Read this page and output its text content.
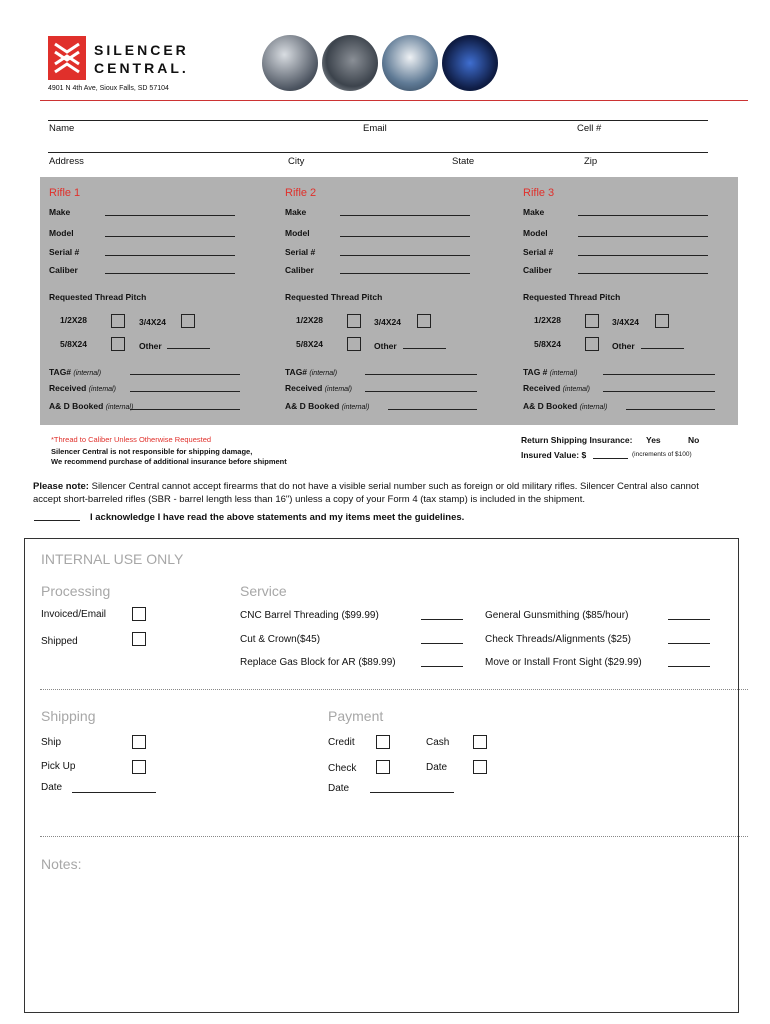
SILENCER
CENTRAL.
4901 N 4th Ave, Sioux Falls, SD 57104
Name	Email	Cell #
Address	City	State	Zip
Rifle 1
Make
Model
Serial #
Caliber
Requested Thread Pitch
1/2X28	3/4X24
5/8X24	Other
TAG# (internal)
Received (intemal)
A& D Booked (internal)
Rifle 2
Make
Model
Serial #
Caliber
Requested Thread Pitch
1/2X28	3/4X24
5/8X24	Other
TAG# (internal)
Received (intemal)
A& D Booked (internal)
Rifle 3
Make
Model
Serial #
Caliber
Requested Thread Pitch
1/2X28	3/4X24
5/8X24	Other
TAG # (internal)
Received (intemal)
A& D Booked (internal)
*Thread to Caliber Unless Otherwise Requested
Silencer Central is not responsible for shipping damage,
We recommend purchase of additional insurance before shipment
Return Shipping Insurance: Yes	No
Insured Value: $	(increments of $100)
Please note: Silencer Central cannot accept firearms that do not have a visible serial number such as foreign or old military rifles. Silencer Central also cannot
accept short-barreled rifles (SBR - barrel length less than 16") unless a copy of your Form 4 (tax stamp) is included in the shipment.
I acknowledge I have read the above statements and my items meet the guidelines.
INTERNAL USE ONLY
Processing
Invoiced/Email
Shipped
Service
CNC Barrel Threading ($99.99)
Cut & Crown($45)
Replace Gas Block for AR ($89.99)
General Gunsmithing ($85/hour)
Check Threads/Alignments ($25)
Move or Install Front Sight ($29.99)
Shipping
Ship
Pick Up
Date
Payment
Credit	Cash
Check	Date
Date
Notes:
